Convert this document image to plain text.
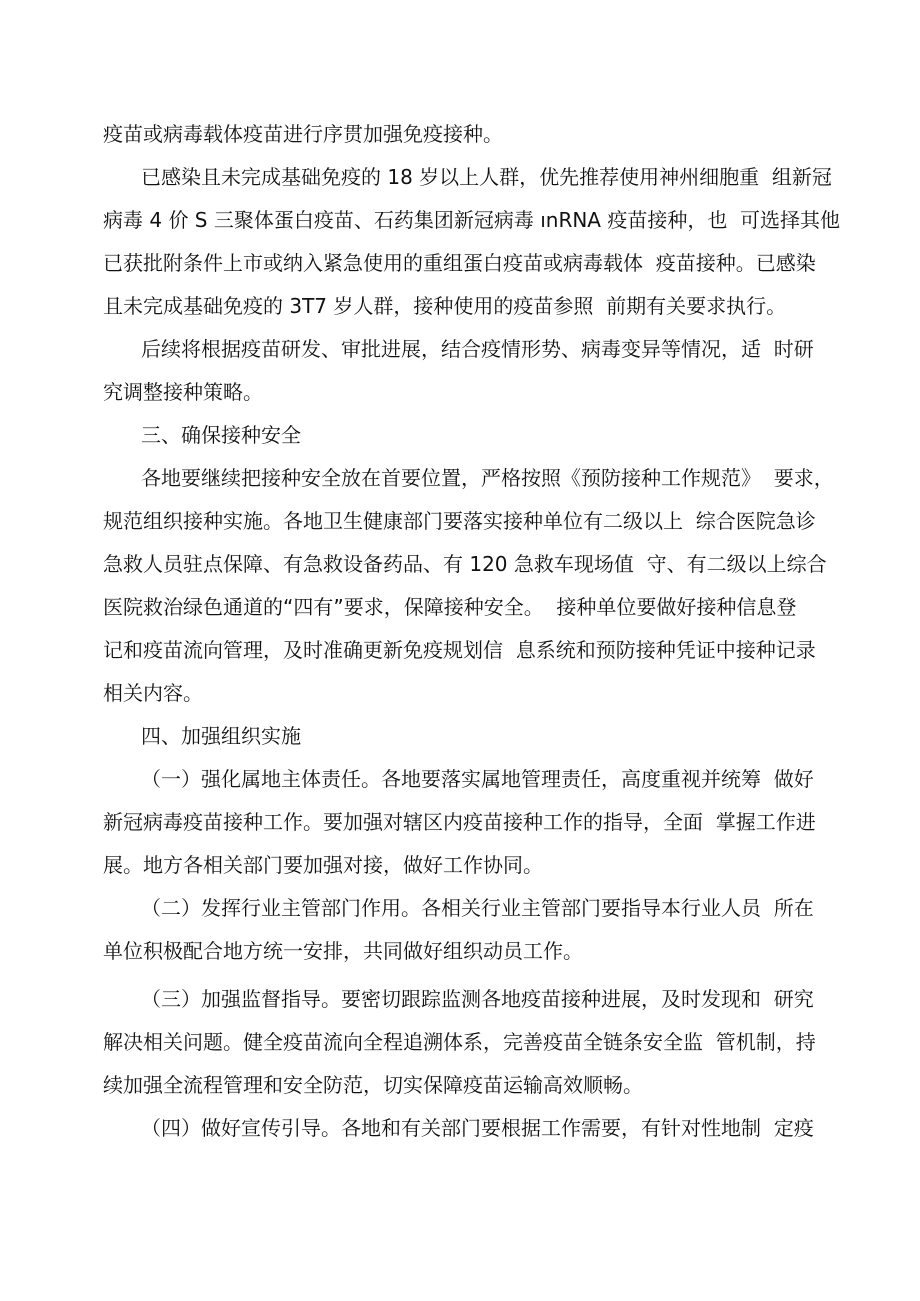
疫苗或病毒载体疫苗进行序贯加强免疫接种。
已感染且未完成基础免疫的 18 岁以上人群，优先推荐使用神州细胞重  组新冠
病毒 4 价 S 三聚体蛋白疫苗、石药集团新冠病毒 ınRNA 疫苗接种，也  可选择其他
已获批附条件上市或纳入紧急使用的重组蛋白疫苗或病毒载体  疫苗接种。已感染
且未完成基础免疫的 3T7 岁人群，接种使用的疫苗参照  前期有关要求执行。
后续将根据疫苗研发、审批进展，结合疫情形势、病毒变异等情况，适  时研
究调整接种策略。
三、确保接种安全
各地要继续把接种安全放在首要位置，严格按照《预防接种工作规范》  要求，
规范组织接种实施。各地卫生健康部门要落实接种单位有二级以上  综合医院急诊
急救人员驻点保障、有急救设备药品、有 120 急救车现场值  守、有二级以上综合
医院救治绿色通道的“四有”要求，保障接种安全。  接种单位要做好接种信息登
记和疫苗流向管理，及时准确更新免疫规划信  息系统和预防接种凭证中接种记录
相关内容。
四、加强组织实施
（一）强化属地主体责任。各地要落实属地管理责任，高度重视并统筹  做好
新冠病毒疫苗接种工作。要加强对辖区内疫苗接种工作的指导，全面  掌握工作进
展。地方各相关部门要加强对接，做好工作协同。
（二）发挥行业主管部门作用。各相关行业主管部门要指导本行业人员  所在
单位积极配合地方统一安排，共同做好组织动员工作。
（三）加强监督指导。要密切跟踪监测各地疫苗接种进展，及时发现和  研究
解决相关问题。健全疫苗流向全程追溯体系，完善疫苗全链条安全监  管机制，持
续加强全流程管理和安全防范，切实保障疫苗运输高效顺畅。
（四）做好宣传引导。各地和有关部门要根据工作需要，有针对性地制  定疫
